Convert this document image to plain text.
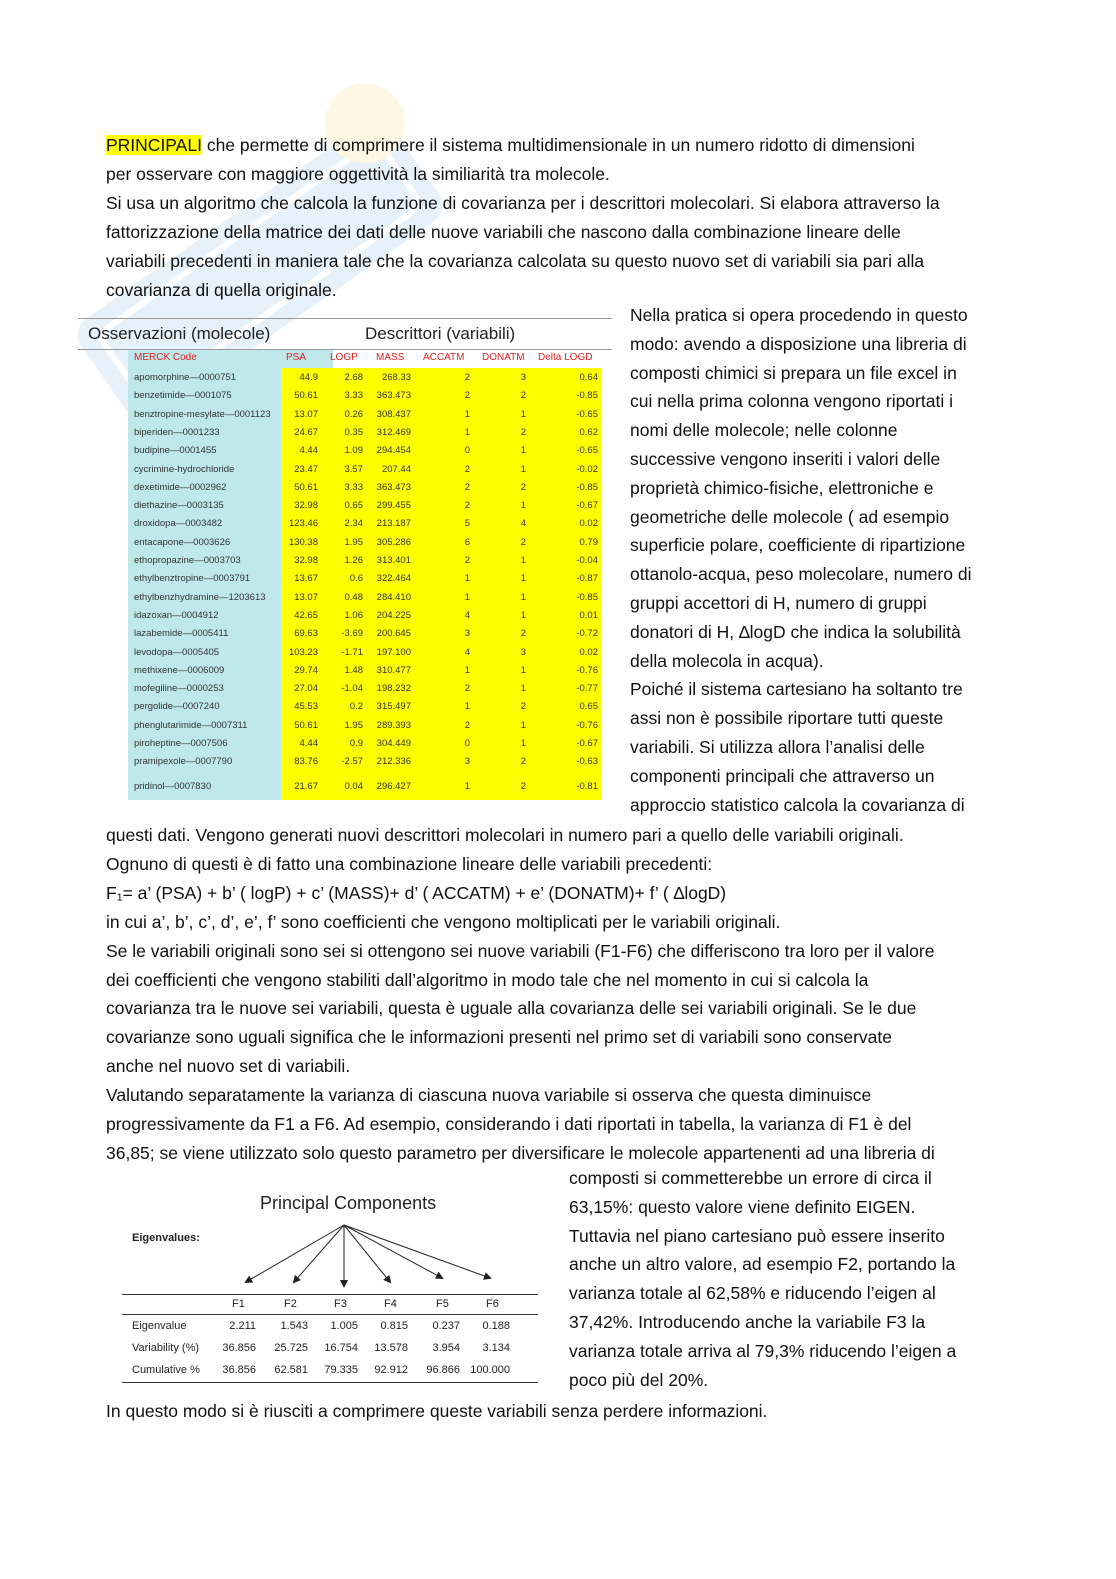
PRINCIPALI che permette di comprimere il sistema multidimensionale in un numero ridotto di dimensioni
per osservare con maggiore oggettività la similiarità tra molecole.
Si usa un algoritmo che calcola la funzione di covarianza per i descrittori molecolari. Si elabora attraverso la
fattorizzazione della matrice dei dati delle nuove variabili che nascono dalla combinazione lineare delle
variabili precedenti in maniera tale che la covarianza calcolata su questo nuovo set di variabili sia pari alla
covarianza di quella originale.
Osservazioni (molecole)	Descrittori (variabili)
MERCK Code	PSA LOGP MASS ACCATM DONATM Delta LOGD
apomorphine—0000751	44.9	2.68 268.33	2	3	0.64
benzetimide—0001075	50.61	3.33 363.473	2	2	-0.85
benztropine-mesylate—0001123 13.07	0.26 308.437	1	1	-0.65
biperiden—0001233	24.67	0.35 312.469	1	2	0.62
budipine—0001455	4.44	1.09 294.454	0	1	-0.65
cycrimine-hydrochloride	23.47	3.57 207.44	2	1	-0.02
dexetimide—0002962	50.61	3.33 363.473	2	2	-0.85
diethazine—0003135	32.98	0.65 299.455	2	1	-0.67
droxidopa—0003482	123.46	2.34 213.187	5	4	0.02
entacapone—0003626	130.38	1.95 305.286	6	2	0.79
ethopropazine—0003703	32.98	1.26 313.401	2	1	-0.04
ethylbenztropine—0003791	13.67	0.6 322.464	1	1	-0.87
ethylbenzhydramine—1203613	13.07	0.48 284.410	1	1	-0.85
idazoxan—0004912	42.65	1.06 204.225	4	1	0.01
lazabemide—0005411	69.63 -3.69 200.645	3	2	-0.72
levodopa—0005405	103.23 -1.71 197.100	4	3	0.02
methixene—0006009	29.74	1.48 310.477	1	1	-0.76
mofegiline—0000253	27.04 -1.04 198.232	2	1	-0.77
pergolide—0007240	45.53	0.2 315.497	1	2	0.65
phenglutarimide—0007311	50.61	1.95 289.393	2	1	-0.76
piroheptine—0007506	4.44	0.9 304.449	0	1	-0.67
pramipexole—0007790	83.76 -2.57 212.336	3	2	-0.63
pridinol—0007830	21.67	0.04 296.427	1	2	-0.81
Nella pratica si opera procedendo in questo
modo: avendo a disposizione una libreria di
composti chimici si prepara un file excel in
cui nella prima colonna vengono riportati i
nomi delle molecole; nelle colonne
successive vengono inseriti i valori delle
proprietà chimico-fisiche, elettroniche e
geometriche delle molecole ( ad esempio
superficie polare, coefficiente di ripartizione
ottanolo-acqua, peso molecolare, numero di
gruppi accettori di H, numero di gruppi
donatori di H, ∆logD che indica la solubilità
della molecola in acqua).
Poiché il sistema cartesiano ha soltanto tre
assi non è possibile riportare tutti queste
variabili. Si utilizza allora l’analisi delle
componenti principali che attraverso un
approccio statistico calcola la covarianza di
questi dati. Vengono generati nuovi descrittori molecolari in numero pari a quello delle variabili originali.
Ognuno di questi è di fatto una combinazione lineare delle variabili precedenti:
F₁= a’ (PSA) + b’ ( logP) + c’ (MASS)+ d’ ( ACCATM) + e’ (DONATM)+ f’ ( ∆logD)
in cui a’, b’, c’, d’, e’, f’ sono coefficienti che vengono moltiplicati per le variabili originali.
Se le variabili originali sono sei si ottengono sei nuove variabili (F1-F6) che differiscono tra loro per il valore
dei coefficienti che vengono stabiliti dall’algoritmo in modo tale che nel momento in cui si calcola la
covarianza tra le nuove sei variabili, questa è uguale alla covarianza delle sei variabili originali. Se le due
covarianze sono uguali significa che le informazioni presenti nel primo set di variabili sono conservate
anche nel nuovo set di variabili.
Valutando separatamente la varianza di ciascuna nuova variabile si osserva che questa diminuisce
progressivamente da F1 a F6. Ad esempio, considerando i dati riportati in tabella, la varianza di F1 è del
36,85; se viene utilizzato solo questo parametro per diversificare le molecole appartenenti ad una libreria di
Principal Components
Eigenvalues:
F1	F2	F3	F4	F5	F6
Eigenvalue	2.211 1.543 1.005 0.815 0.237 0.188
Variability (%) 36.856 25.725 16.754 13.578 3.954 3.134
Cumulative % 36.856 62.581 79.335 92.912 96.866 100.000
composti si commetterebbe un errore di circa il
63,15%: questo valore viene definito EIGEN.
Tuttavia nel piano cartesiano può essere inserito
anche un altro valore, ad esempio F2, portando la
varianza totale al 62,58% e riducendo l’eigen al
37,42%. Introducendo anche la variabile F3 la
varianza totale arriva al 79,3% riducendo l’eigen a
poco più del 20%.
In questo modo si è riusciti a comprimere queste variabili senza perdere informazioni.
